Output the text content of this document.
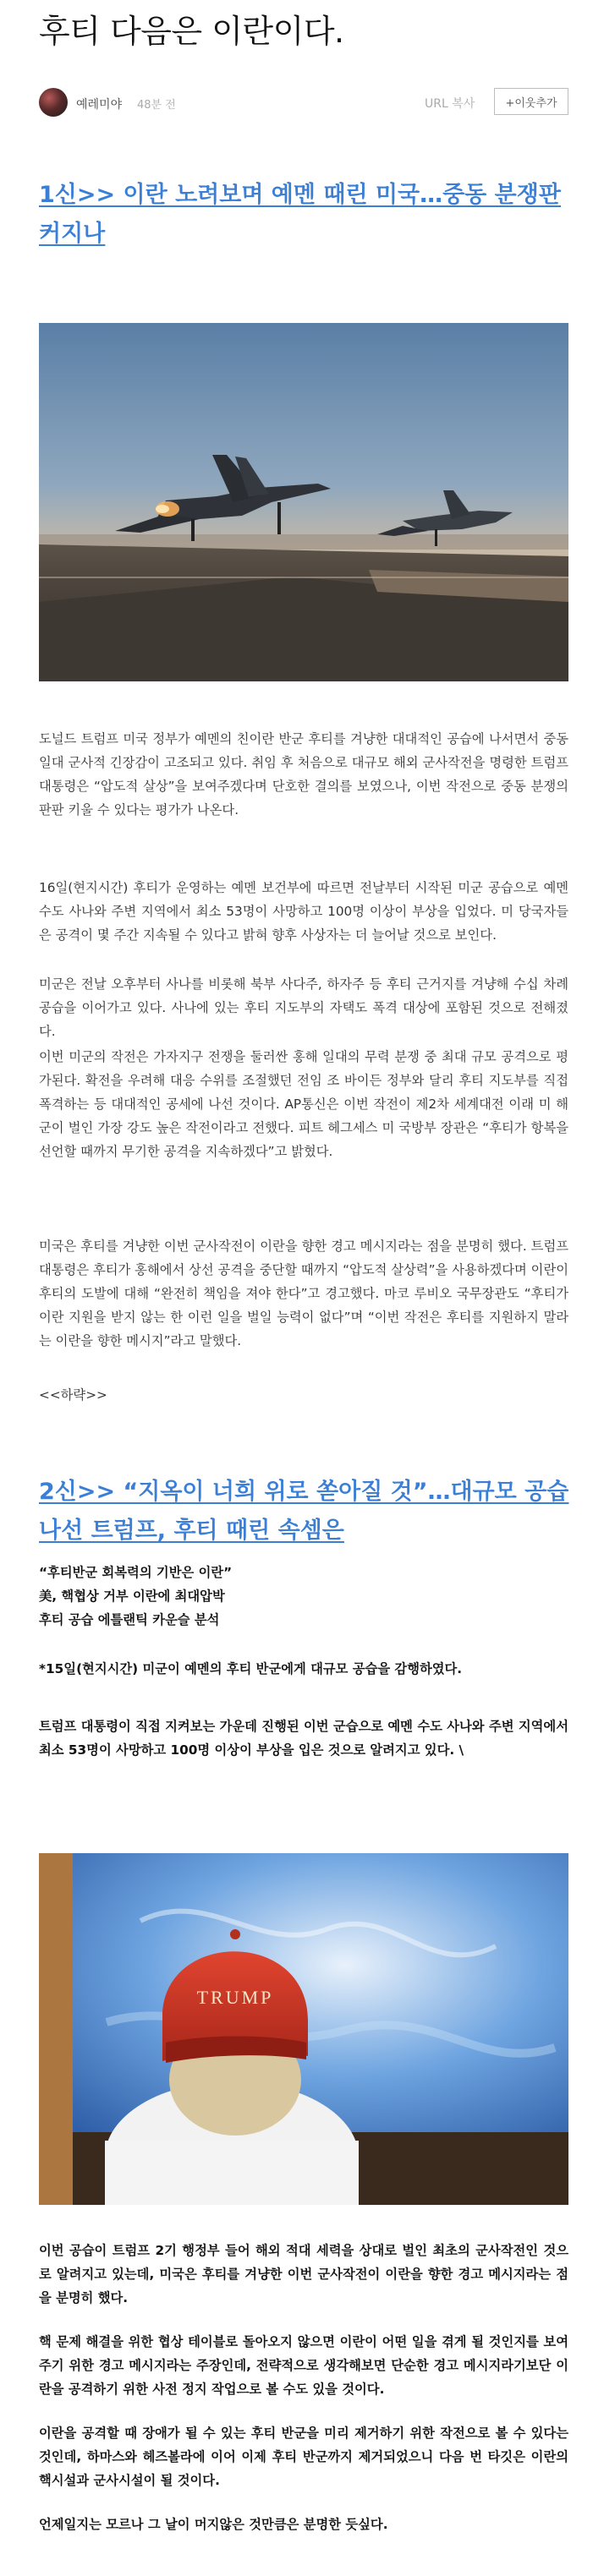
후티 다음은 이란이다.
예레미야 48분 전	URL 복사	+이웃추가
1신>> 이란 노려보며 예멘 때린 미국…중동 분쟁판 커지나

도널드 트럼프 미국 정부가 예멘의 친이란 반군 후티를 겨냥한 대대적인 공습에 나서면서 중동 일대 군사적 긴장감이 고조되고 있다. 취임 후 처음으로 대규모 해외 군사작전을 명령한 트럼프 대통령은 “압도적 살상”을 보여주겠다며 단호한 결의를 보였으나, 이번 작전으로 중동 분쟁의 판판 키울 수 있다는 평가가 나온다.

16일(현지시간) 후티가 운영하는 예멘 보건부에 따르면 전날부터 시작된 미군 공습으로 예멘 수도 사나와 주변 지역에서 최소 53명이 사망하고 100명 이상이 부상을 입었다. 미 당국자들은 공격이 몇 주간 지속될 수 있다고 밝혀 향후 사상자는 더 늘어날 것으로 보인다.

미군은 전날 오후부터 사나를 비롯해 북부 사다주, 하자주 등 후티 근거지를 겨냥해 수십 차례 공습을 이어가고 있다. 사나에 있는 후티 지도부의 자택도 폭격 대상에 포함된 것으로 전해졌다.

이번 미군의 작전은 가자지구 전쟁을 둘러싼 홍해 일대의 무력 분쟁 중 최대 규모 공격으로 평가된다. 확전을 우려해 대응 수위를 조절했던 전임 조 바이든 정부와 달리 후티 지도부를 직접 폭격하는 등 대대적인 공세에 나선 것이다. AP통신은 이번 작전이 제2차 세계대전 이래 미 해군이 벌인 가장 강도 높은 작전이라고 전했다. 피트 헤그세스 미 국방부 장관은 “후티가 항복을 선언할 때까지 무기한 공격을 지속하겠다”고 밝혔다.

미국은 후티를 겨냥한 이번 군사작전이 이란을 향한 경고 메시지라는 점을 분명히 했다. 트럼프 대통령은 후티가 홍해에서 상선 공격을 중단할 때까지 “압도적 살상력”을 사용하겠다며 이란이 후티의 도발에 대해 “완전히 책임을 져야 한다”고 경고했다. 마코 루비오 국무장관도 “후티가 이란 지원을 받지 않는 한 이런 일을 벌일 능력이 없다”며 “이번 작전은 후티를 지원하지 말라는 이란을 향한 메시지”라고 말했다.

<<하략>>

2신>> “지옥이 너희 위로 쏟아질 것”…대규모 공습나선 트럼프, 후티 때린 속셈은

“후티반군 회복력의 기반은 이란”

美, 핵협상 거부 이란에 최대압박

후티 공습 에틀랜틱 카운슬 분석

*15일(현지시간) 미군이 예멘의 후티 반군에게 대규모 공습을 감행하였다.

트럼프 대통령이 직접 지켜보는 가운데 진행된 이번 군습으로 예멘 수도 사나와 주변 지역에서 최소 53명이 사망하고 100명 이상이 부상을 입은 것으로 알려지고 있다. \

TRUMP

이번 공습이 트럼프 2기 행정부 들어 해외 적대 세력을 상대로 벌인 최초의 군사작전인 것으로 알려지고 있는데, 미국은 후티를 겨냥한 이번 군사작전이 이란을 향한 경고 메시지라는 점을 분명히 했다.

핵 문제 해결을 위한 협상 테이블로 돌아오지 않으면 이란이 어떤 일을 겪게 될 것인지를 보여주기 위한 경고 메시지라는 주장인데, 전략적으로 생각해보면 단순한 경고 메시지라기보단 이란을 공격하기 위한 사전 정지 작업으로 볼 수도 있을 것이다.

이란을 공격할 때 장애가 될 수 있는 후티 반군을 미리 제거하기 위한 작전으로 볼 수 있다는 것인데, 하마스와 헤즈볼라에 이어 이제 후티 반군까지 제거되었으니 다음 번 타깃은 이란의 핵시설과 군사시설이 될 것이다.

언제일지는 모르나 그 날이 머지않은 것만큼은 분명한 듯싶다.
